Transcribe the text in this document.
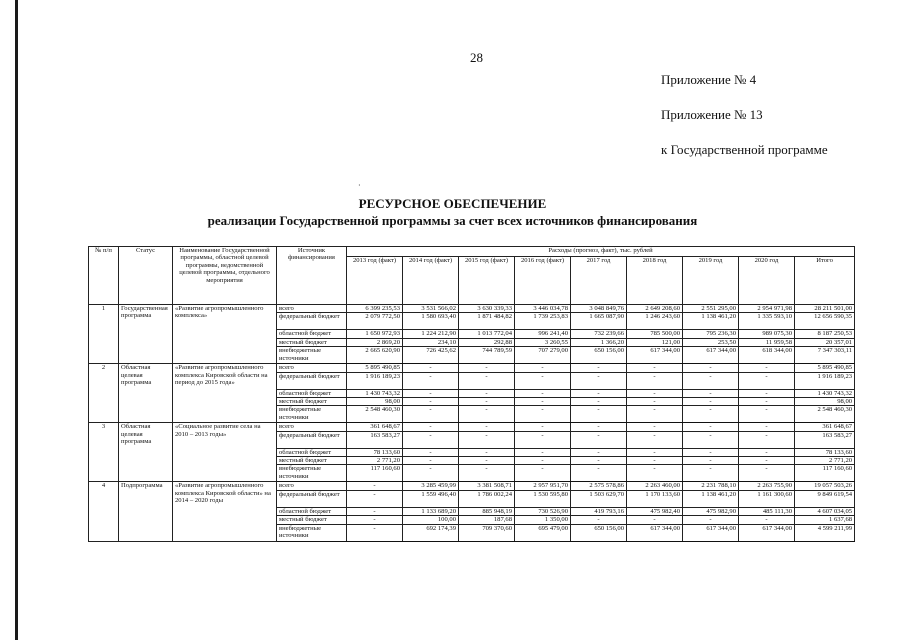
28
Приложение № 4
Приложение № 13
к Государственной программе
·
РЕСУРСНОЕ ОБЕСПЕЧЕНИЕ
реализации Государственной программы за счет всех источников финансирования
№ п/п	Статус	Наименование Государственной программы, областной целевой программы, ведомственной целевой программы, отдельного мероприятия	Источник финансирования	Расходы (прогноз, факт), тыс. рублей								
				2013 год (факт)	2014 год (факт)	2015 год (факт)	2016 год (факт)	2017 год	2018 год	2019 год	2020 год	Итого
1	Государственная программа	«Развитие агропромышленного комплекса»	всего	6 399 235,53	3 531 566,02	3 630 339,33	3 446 034,78	3 048 849,76	2 649 208,60	2 551 295,00	2 954 971,98	28 211 501,00
			федеральный бюджет	2 079 772,50	1 580 693,40	1 871 484,82	1 739 253,83	1 665 087,90	1 246 243,60	1 138 461,20	1 335 593,10	12 656 590,35
			областной бюджет	1 650 972,93	1 224 212,90	1 013 772,04	996 241,40	732 239,66	785 500,00	795 236,30	989 075,30	8 187 250,53
			местный бюджет	2 869,20	234,10	292,88	3 260,55	1 366,20	121,00	253,50	11 959,58	20 357,01
			внебюджетные источники	2 665 620,90	726 425,62	744 789,59	707 279,00	650 156,00	617 344,00	617 344,00	618 344,00	7 347 303,11
2	Областная целевая программа	«Развитие агропромышленного комплекса Кировской области на период до 2015 года»	всего	5 895 490,85	-	-	-	-	-	-	-	5 895 490,85
			федеральный бюджет	1 916 189,23	-	-	-	-	-	-	-	1 916 189,23
			областной бюджет	1 430 743,32	-	-	-	-	-	-	-	1 430 743,32
			местный бюджет	98,00	-	-	-	-	-	-	-	98,00
			внебюджетные источники	2 548 460,30	-	-	-	-	-	-	-	2 548 460,30
3	Областная целевая программа	«Социальное развитие села на 2010 – 2013 годы»	всего	361 648,67	-	-	-	-	-	-	-	361 648,67
			федеральный бюджет	163 583,27	-	-	-	-	-	-	-	163 583,27
			областной бюджет	78 133,60	-	-	-	-	-	-	-	78 133,60
			местный бюджет	2 771,20	-	-	-	-	-	-	-	2 771,20
			внебюджетные источники	117 160,60	-	-	-	-	-	-	-	117 160,60
4	Подпрограмма	«Развитие агропромышленного комплекса Кировской области» на 2014 – 2020 годы	всего	-	3 285 459,99	3 381 508,71	2 957 951,70	2 575 578,86	2 263 460,00	2 231 788,10	2 263 755,90	19 057 503,26
			федеральный бюджет	-	1 559 496,40	1 786 002,24	1 530 595,80	1 503 629,70	1 170 133,60	1 138 461,20	1 161 300,60	9 849 619,54
			областной бюджет	-	1 133 689,20	885 948,19	730 526,90	419 793,16	475 982,40	475 982,90	485 111,30	4 607 034,05
			местный бюджет	-	100,00	187,68	1 350,00	-	-	-	-	1 637,68
			внебюджетные источники	-	692 174,39	709 370,60	695 479,00	650 156,00	617 344,00	617 344,00	617 344,00	4 599 211,99
